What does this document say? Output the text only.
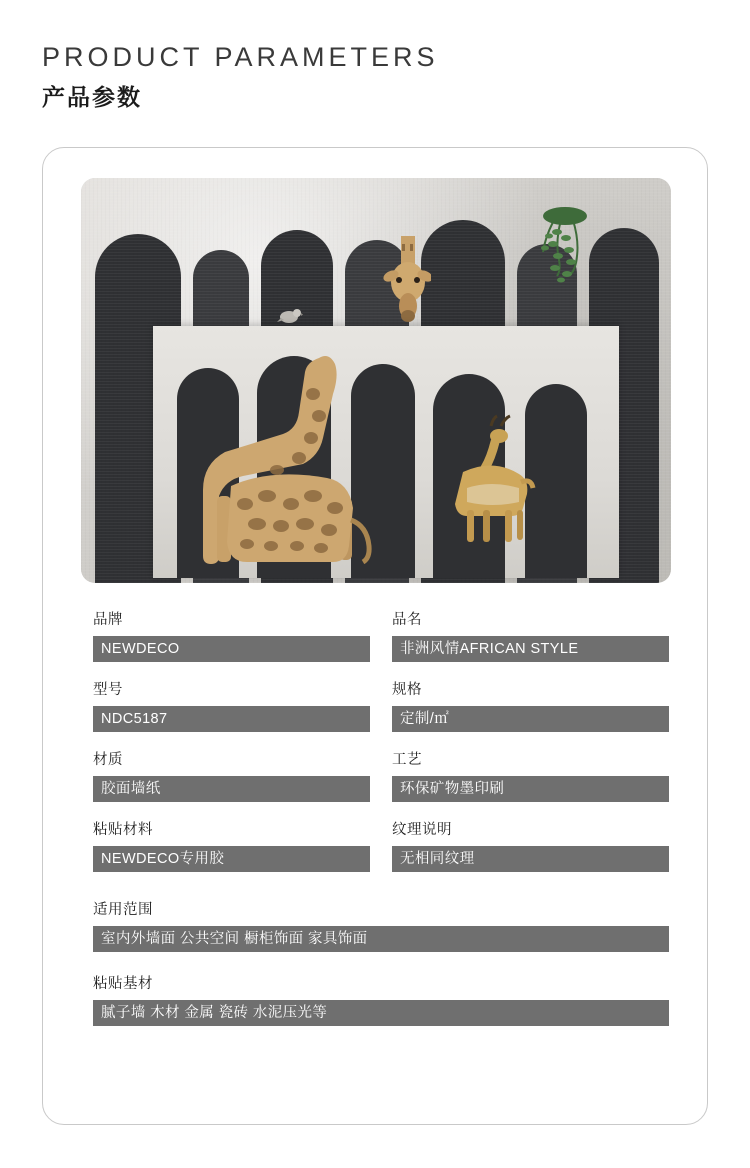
PRODUCT PARAMETERS
产品参数
品牌
NEWDECO
品名
非洲风情AFRICAN STYLE
型号
NDC5187
规格
定制/㎡
材质
胶面墙纸
工艺
环保矿物墨印刷
粘贴材料
NEWDECO专用胶
纹理说明
无相同纹理
适用范围
室内外墙面 公共空间 橱柜饰面 家具饰面
粘贴基材
腻子墙 木材 金属 瓷砖 水泥压光等
